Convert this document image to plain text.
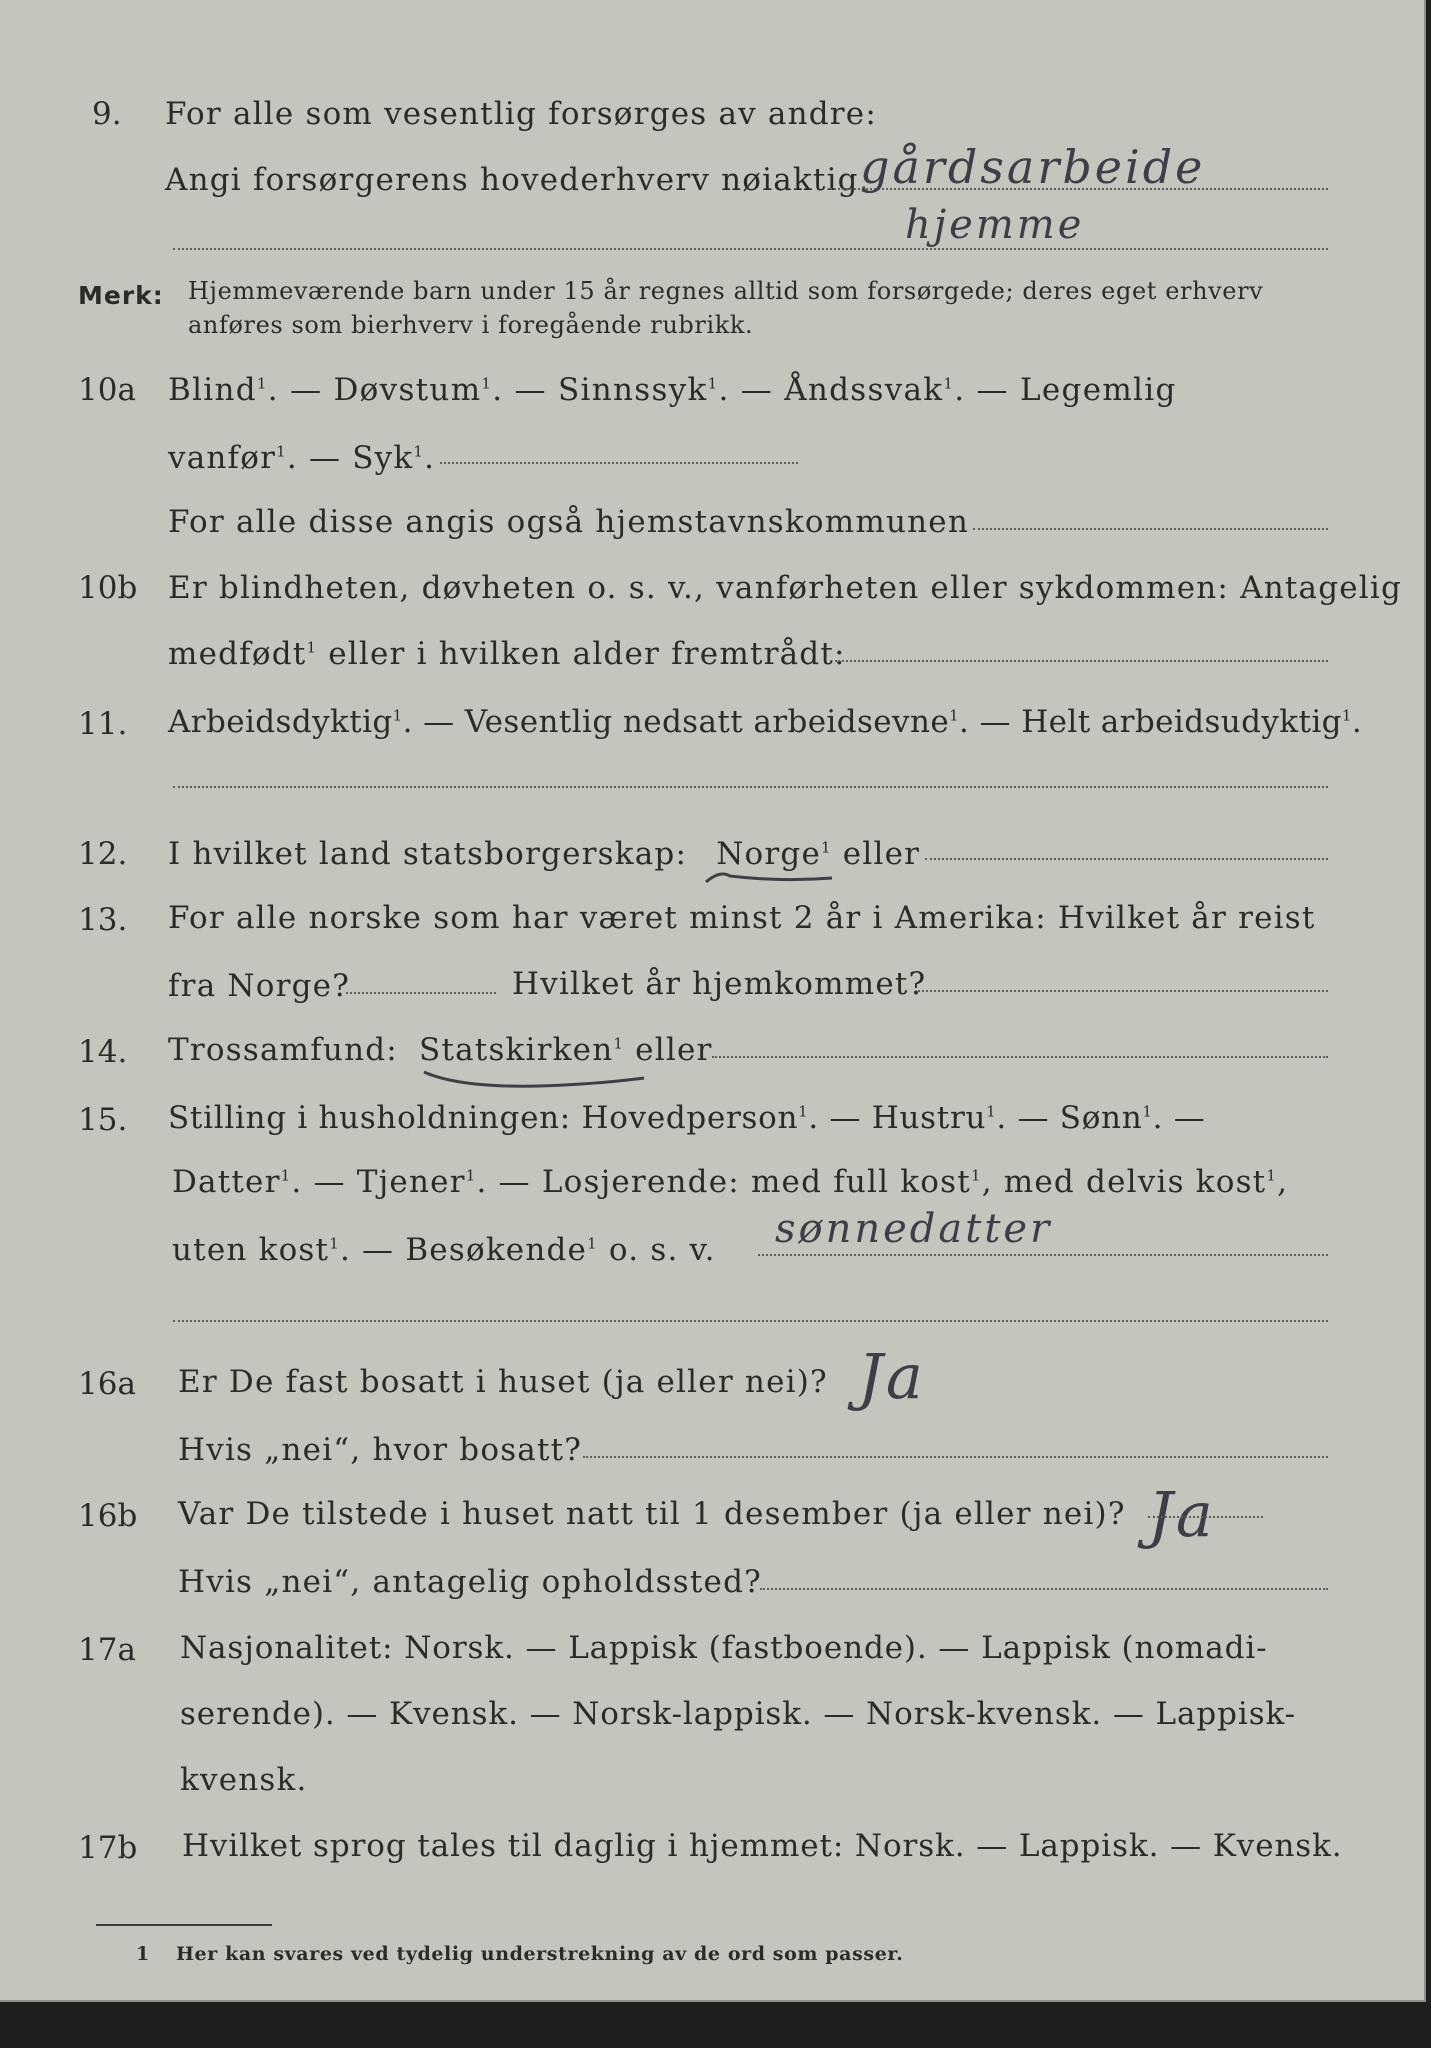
9. For alle som vesentlig forsørges av andre:
Angi forsørgerens hovederhverv nøiaktig gårdsarbeide
hjemme
Merk: Hjemmeværende barn under 15 år regnes alltid som forsørgede; deres eget erhverv
anføres som bierhverv i foregående rubrikk.
10a Blind$^1$. — Døvstum$^1$. — Sinnssyk$^1$. — Åndssvak$^1$. — Legemlig
vanfør$^1$. — Syk$^1$.
For alle disse angis også hjemstavnskommunen
10b Er blindheten, døvheten o. s. v., vanførheten eller sykdommen: Antagelig
medfødt$^1$ eller i hvilken alder fremtrådt:
11. Arbeidsdyktig$^1$. — Vesentlig nedsatt arbeidsevne$^1$. — Helt arbeidsudyktig$^1$.
12. I hvilket land statsborgerskap: Norge$^1$ eller
13. For alle norske som har været minst 2 år i Amerika: Hvilket år reist
fra Norge?	Hvilket år hjemkommet?
14. Trossamfund: Statskirken$^1$ eller
15. Stilling i husholdningen: Hovedperson$^1$. — Hustru$^1$. — Sønn$^1$. —
Datter$^1$. — Tjener$^1$. — Losjerende: med full kost$^1$, med delvis kost$^1$,
uten kost$^1$. — Besøkende$^1$ o. s. v. sønnedatter
16a Er De fast bosatt i huset (ja eller nei)? Ja
Hvis „nei“, hvor bosatt?
16b Var De tilstede i huset natt til 1 desember (ja eller nei)? Ja
Hvis „nei“, antagelig opholdssted?
17a Nasjonalitet: Norsk. — Lappisk (fastboende). — Lappisk (nomadi-
serende). — Kvensk. — Norsk-lappisk. — Norsk-kvensk. — Lappisk-
kvensk.
17b Hvilket sprog tales til daglig i hjemmet: Norsk. — Lappisk. — Kvensk.
1 Her kan svares ved tydelig understrekning av de ord som passer.
